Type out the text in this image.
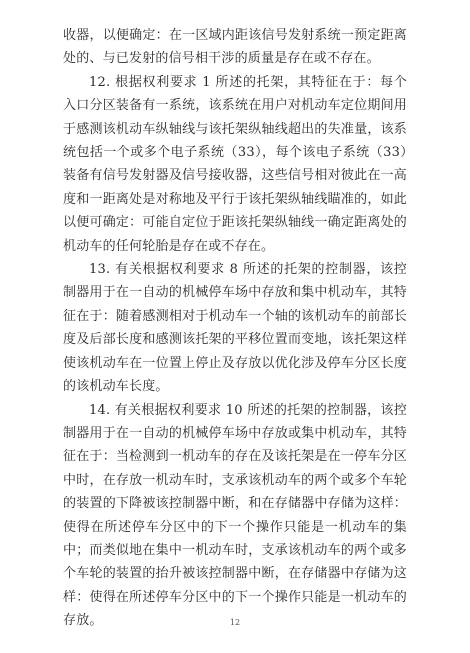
收器，以便确定：在一区域内距该信号发射系统一预定距离处的、与已发射的信号相干涉的质量是存在或不存在。

12. 根据权利要求 1 所述的托架，其特征在于：每个入口分区装备有一系统，该系统在用户对机动车定位期间用于感测该机动车纵轴线与该托架纵轴线超出的失准量，该系统包括一个或多个电子系统（33），每个该电子系统（33）装备有信号发射器及信号接收器，这些信号相对彼此在一高度和一距离处是对称地及平行于该托架纵轴线瞄准的，如此以便可确定：可能自定位于距该托架纵轴线一确定距离处的机动车的任何轮胎是存在或不存在。

13. 有关根据权利要求 8 所述的托架的控制器，该控制器用于在一自动的机械停车场中存放和集中机动车，其特征在于：随着感测相对于机动车一个轴的该机动车的前部长度及后部长度和感测该托架的平移位置而变地，该托架这样使该机动车在一位置上停止及存放以优化涉及停车分区长度的该机动车长度。

14. 有关根据权利要求 10 所述的托架的控制器，该控制器用于在一自动的机械停车场中存放或集中机动车，其特征在于：当检测到一机动车的存在及该托架是在一停车分区中时，在存放一机动车时，支承该机动车的两个或多个车轮的装置的下降被该控制器中断，和在存储器中存储为这样：使得在所述停车分区中的下一个操作只能是一机动车的集中；而类似地在集中一机动车时，支承该机动车的两个或多个车轮的装置的抬升被该控制器中断，在存储器中存储为这样：使得在所述停车分区中的下一个操作只能是一机动车的存放。	12
